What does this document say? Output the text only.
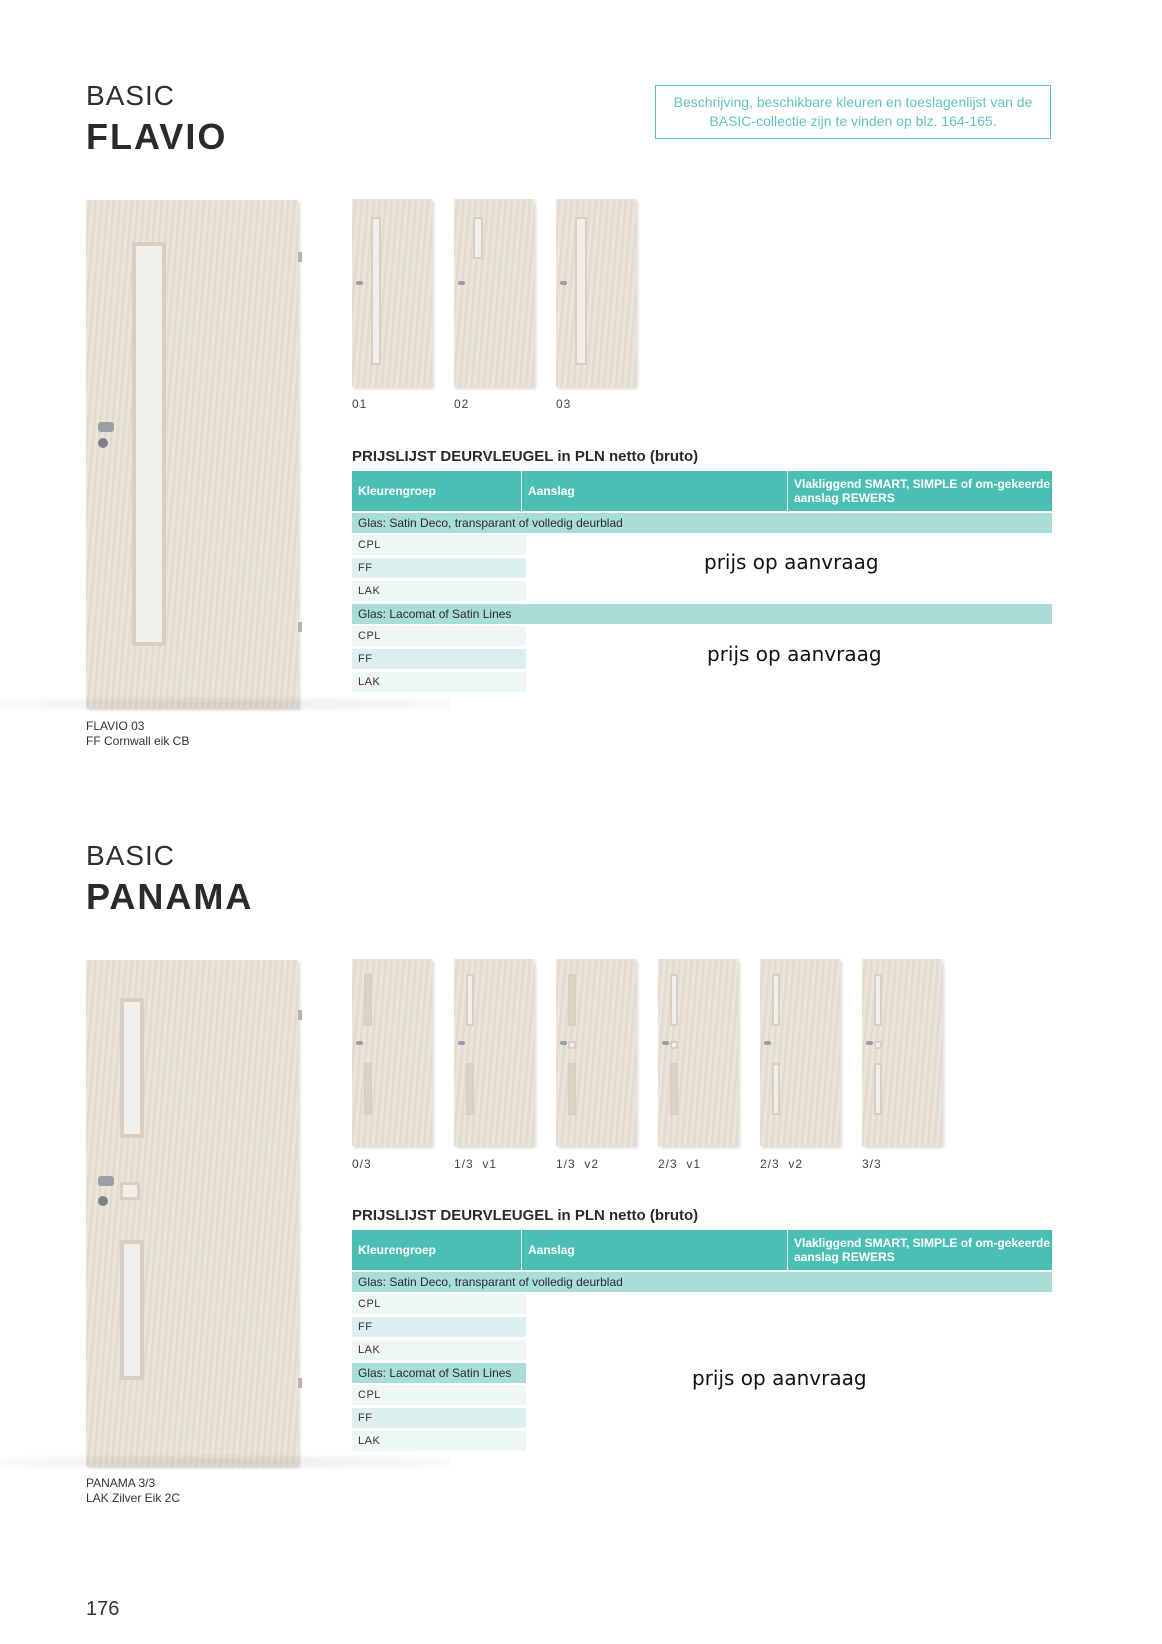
BASIC
FLAVIO
Beschrijving, beschikbare kleuren en toeslagenlijst van de BASIC-collectie zijn te vinden op blz. 164-165.
FLAVIO 03
FF Cornwall eik CB
01	02	03
PRIJSLIJST DEURVLEUGEL in PLN netto (bruto)
Kleurengroep	Aanslag	Vlakliggend SMART, SIMPLE of om-gekeerde aanslag REWERS
Glas: Satin Deco, transparant of volledig deurblad
CPL
FF
LAK
Glas: Lacomat of Satin Lines
CPL
FF
LAK
prijs op aanvraag
prijs op aanvraag
BASIC
PANAMA
PANAMA 3/3
LAK Zilver Eik 2C
0/3	1/3  v1	1/3  v2	2/3  v1	2/3  v2	3/3
PRIJSLIJST DEURVLEUGEL in PLN netto (bruto)
Kleurengroep	Aanslag	Vlakliggend SMART, SIMPLE of om-gekeerde aanslag REWERS
Glas: Satin Deco, transparant of volledig deurblad
CPL
FF
LAK
Glas: Lacomat of Satin Lines
CPL
FF
LAK
prijs op aanvraag
176
